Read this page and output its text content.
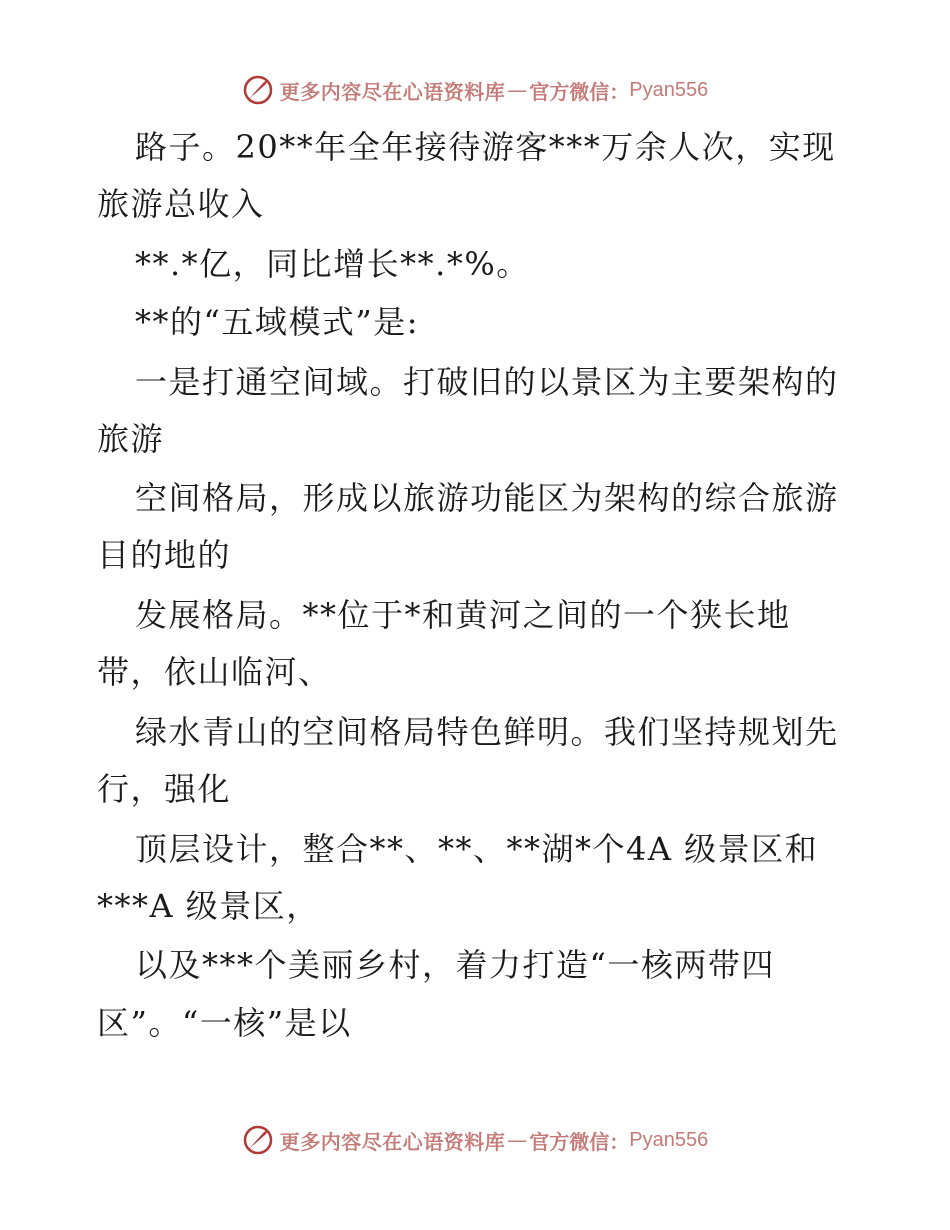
更多内容尽在心语资料库 — 官方微信： Pyan556
路子。20**年全年接待游客***万余人次，实现
旅游总收入
**.*亿，同比增长**.*%。
**的“五域模式”是:
一是打通空间域。打破旧的以景区为主要架构的
旅游
空间格局，形成以旅游功能区为架构的综合旅游
目的地的
发展格局。**位于*和黄河之间的一个狭长地
带，依山临河、
绿水青山的空间格局特色鲜明。我们坚持规划先
行，强化
顶层设计，整合**、**、**湖*个4A 级景区和
***A 级景区，
以及***个美丽乡村，着力打造“一核两带四
区”。“一核”是以
更多内容尽在心语资料库 — 官方微信： Pyan556
